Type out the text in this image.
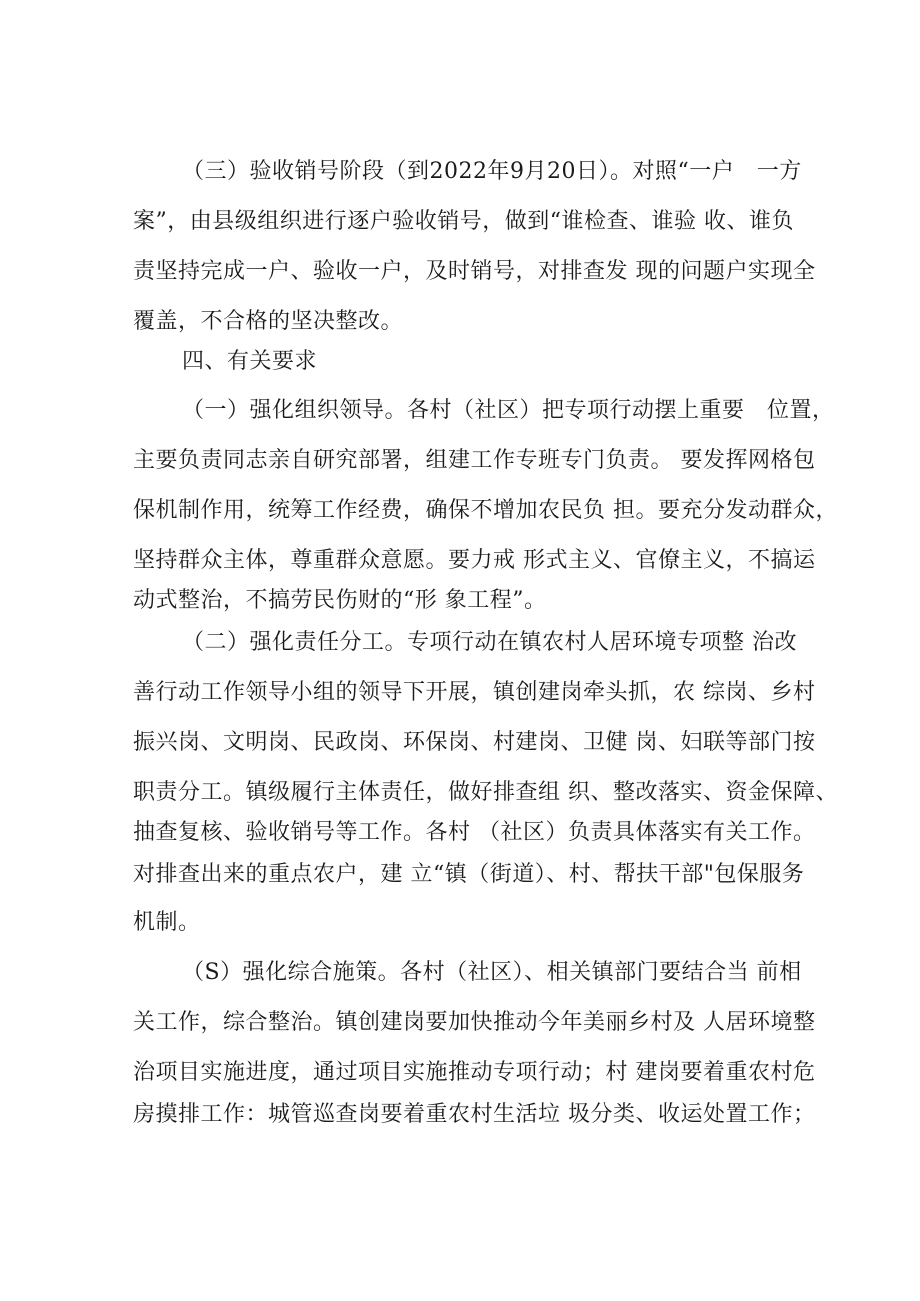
（三）验收销号阶段（到2022年9月20日）。对照“一户　一方
案”，由县级组织进行逐户验收销号，做到“谁检查、谁验 收、谁负
责坚持完成一户、验收一户，及时销号，对排查发 现的问题户实现全
覆盖，不合格的坚决整改。
四、有关要求
（一）强化组织领导。各村（社区）把专项行动摆上重要　位置，
主要负责同志亲自研究部署，组建工作专班专门负责。 要发挥网格包
保机制作用，统筹工作经费，确保不增加农民负 担。要充分发动群众，
坚持群众主体，尊重群众意愿。要力戒 形式主义、官僚主义，不搞运
动式整治，不搞劳民伤财的“形 象工程”。
（二）强化责任分工。专项行动在镇农村人居环境专项整 治改
善行动工作领导小组的领导下开展，镇创建岗牵头抓，农 综岗、乡村
振兴岗、文明岗、民政岗、环保岗、村建岗、卫健 岗、妇联等部门按
职责分工。镇级履行主体责任，做好排查组 织、整改落实、资金保障、
抽查复核、验收销号等工作。各村 （社区）负责具体落实有关工作。
对排查出来的重点农户，建 立“镇（街道）、村、帮扶干部"包保服务
机制。
（S）强化综合施策。各村（社区）、相关镇部门要结合当 前相
关工作，综合整治。镇创建岗要加快推动今年美丽乡村及 人居环境整
治项目实施进度，通过项目实施推动专项行动；村 建岗要着重农村危
房摸排工作：城管巡查岗要着重农村生活垃 圾分类、收运处置工作；
